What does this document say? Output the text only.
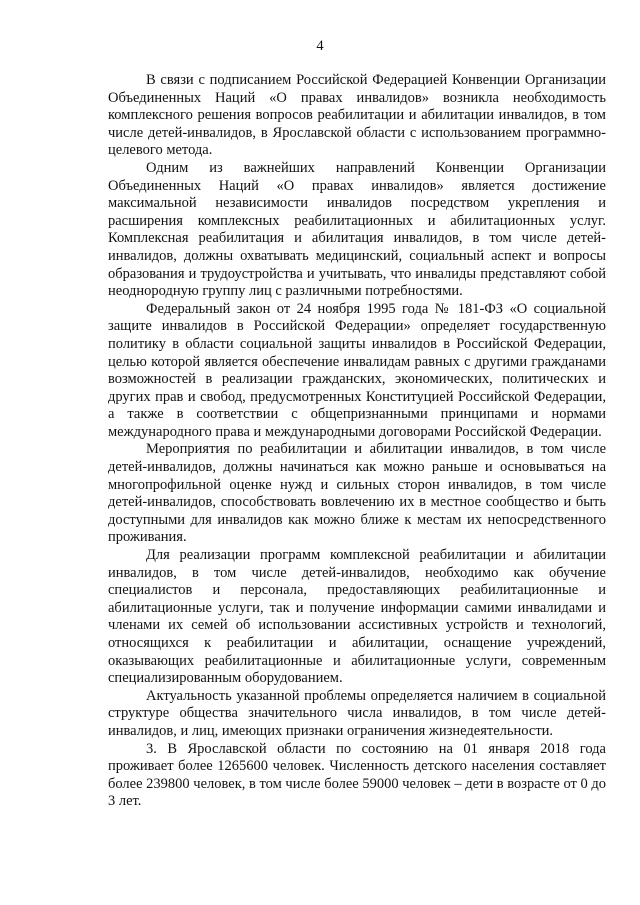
4

В связи с подписанием Российской Федерацией Конвенции Организации Объединенных Наций «О правах инвалидов» возникла необходимость комплексного решения вопросов реабилитации и абилитации инвалидов, в том числе детей-инвалидов, в Ярославской области с использованием программно-целевого метода.

Одним из важнейших направлений Конвенции Организации Объединенных Наций «О правах инвалидов» является достижение максимальной независимости инвалидов посредством укрепления и расширения комплексных реабилитационных и абилитационных услуг. Комплексная реабилитация и абилитация инвалидов, в том числе детей-инвалидов, должны охватывать медицинский, социальный аспект и вопросы образования и трудоустройства и учитывать, что инвалиды представляют собой неоднородную группу лиц с различными потребностями.

Федеральный закон от 24 ноября 1995 года № 181-ФЗ «О социальной защите инвалидов в Российской Федерации» определяет государственную политику в области социальной защиты инвалидов в Российской Федерации, целью которой является обеспечение инвалидам равных с другими гражданами возможностей в реализации гражданских, экономических, политических и других прав и свобод, предусмотренных Конституцией Российской Федерации, а также в соответствии с общепризнанными принципами и нормами международного права и международными договорами Российской Федерации.

Мероприятия по реабилитации и абилитации инвалидов, в том числе детей-инвалидов, должны начинаться как можно раньше и основываться на многопрофильной оценке нужд и сильных сторон инвалидов, в том числе детей-инвалидов, способствовать вовлечению их в местное сообщество и быть доступными для инвалидов как можно ближе к местам их непосредственного проживания.

Для реализации программ комплексной реабилитации и абилитации инвалидов, в том числе детей-инвалидов, необходимо как обучение специалистов и персонала, предоставляющих реабилитационные и абилитационные услуги, так и получение информации самими инвалидами и членами их семей об использовании ассистивных устройств и технологий, относящихся к реабилитации и абилитации, оснащение учреждений, оказывающих реабилитационные и абилитационные услуги, современным специализированным оборудованием.

Актуальность указанной проблемы определяется наличием в социальной структуре общества значительного числа инвалидов, в том числе детей-инвалидов, и лиц, имеющих признаки ограничения жизнедеятельности.

3. В Ярославской области по состоянию на 01 января 2018 года проживает более 1265600 человек. Численность детского населения составляет более 239800 человек, в том числе более 59000 человек – дети в возрасте от 0 до 3 лет.
